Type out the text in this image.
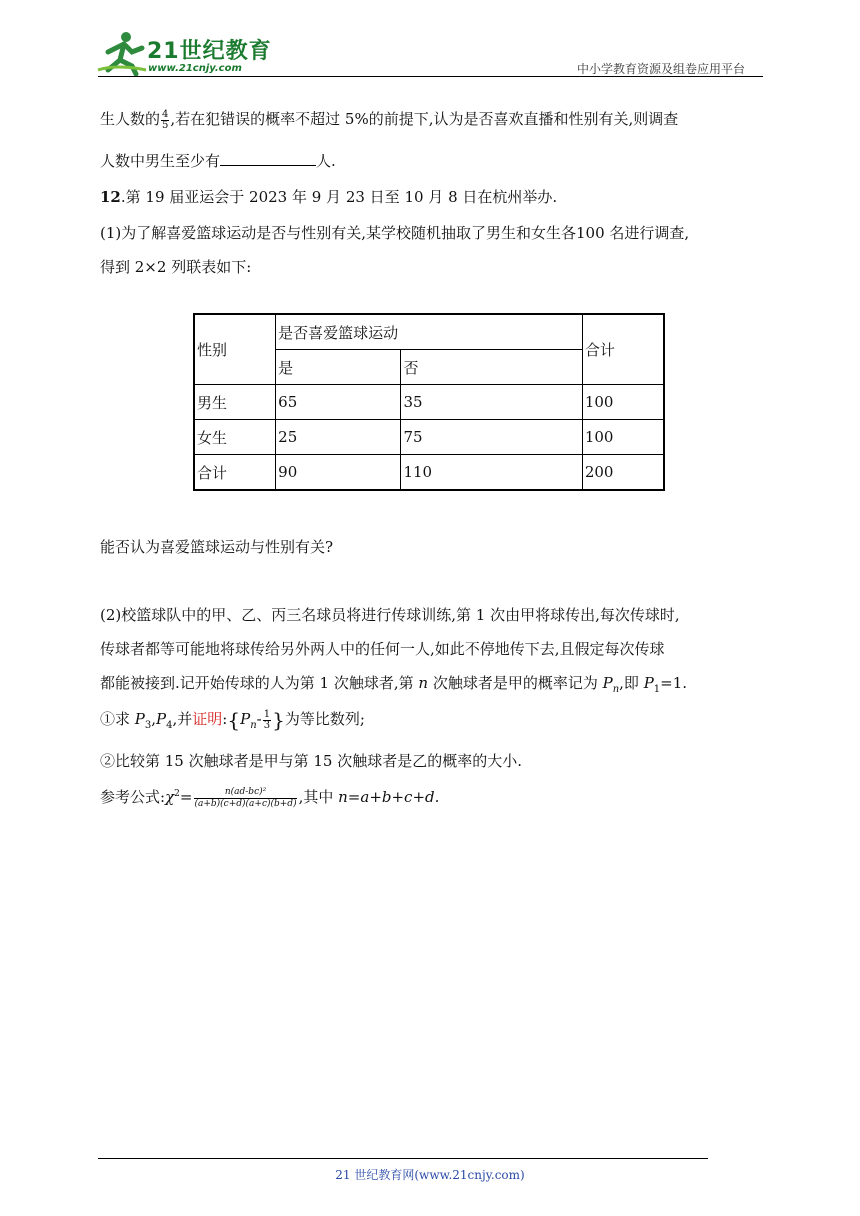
21世纪教育
www.21cnjy.com	中小学教育资源及组卷应用平台
生人数的 $\frac{4}{5}$ ,若在犯错误的概率不超过 5%的前提下,认为是否喜欢直播和性别有关,则调查
人数中男生至少有	人.
12.第 19 届亚运会于 2023 年 9 月 23 日至 10 月 8 日在杭州举办.
(1)为了解喜爱篮球运动是否与性别有关,某学校随机抽取了男生和女生各100 名进行调查,
得到 2×2 列联表如下:
性别	是否喜爱篮球运动		合计
	是	否	
男生	65	35	100
女生	25	75	100
合计	90	110	200
能否认为喜爱篮球运动与性别有关?
(2)校篮球队中的甲、乙、丙三名球员将进行传球训练,第 1 次由甲将球传出,每次传球时,
传球者都等可能地将球传给另外两人中的任何一人,如此不停地传下去,且假定每次传球
都能被接到.记开始传球的人为第 1 次触球者,第 n 次触球者是甲的概率记为 $P_n$,即 $P_1=1$.
①求 $P_3,P_4$,并证明$:\{P_n- \frac{1}{3}$ }为等比数列;
②比较第 15 次触球者是甲与第 15 次触球者是乙的概率的大小.
参考公式$:\chi^2= \frac{\text{n(ad-bc)²}}{(a+b)(c+d)(a+c)(b+d)}$ ,其中 n=a+b+c+d.
21 世纪教育网(www.21cnjy.com)
